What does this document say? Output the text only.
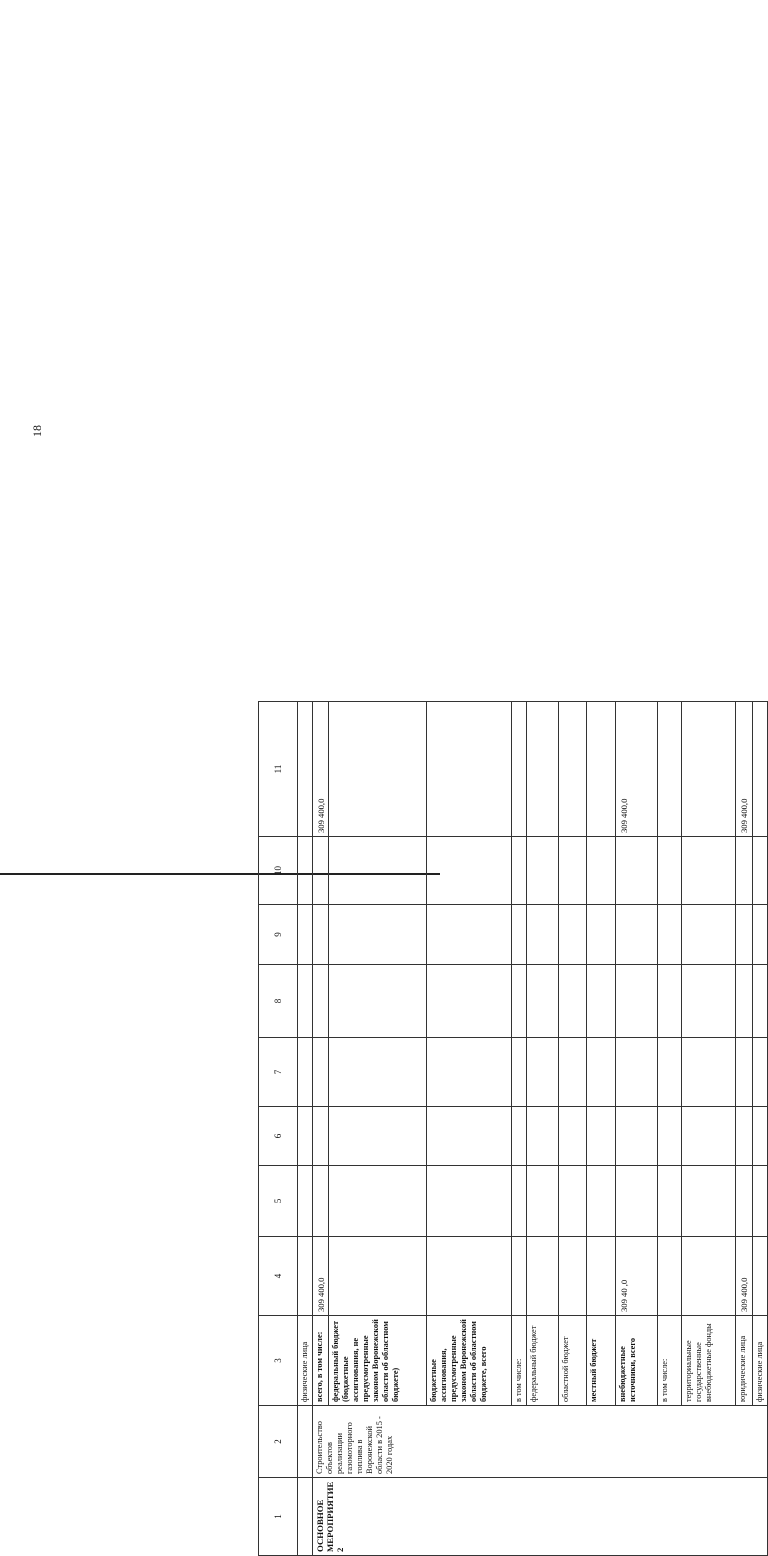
18
1	2	3	4	5	6	7	8	9	10	11
		физические лица								
ОСНОВНОЕ МЕРОПРИЯТИЕ 2	Строительство объектов реализации газомоторного топлива в Воронежской области в 2015 - 2020 годах	всего, в том числе:	309 400,0							309 400,0
		федеральный бюджет (бюджетные ассигнования, не предусмотренные законом Воронежской области об областном бюджете)								
		бюджетные ассигнования, предусмотренные законом Воронежской области об областном бюджете, всего								
		в том числе:								
		федеральный бюджет								
		областной бюджет								
		местный бюджет								
		внебюджетные источники, всего	309 40 ,0							309 400,0
		в том числе:								
		территориальные государственные внебюджетные фонды								
		юридические лица	309 400,0							309 400,0
		физические лица								
